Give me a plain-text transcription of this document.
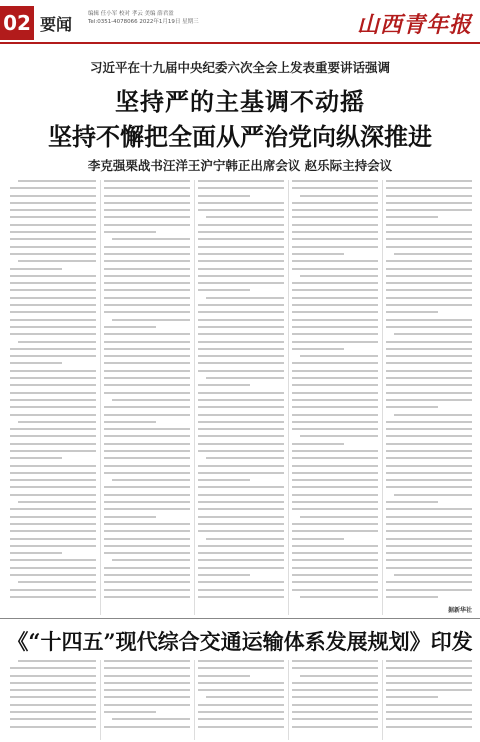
02 要闻
编辑 任小军 校对 孝云 美编 薛君盈
Tel:0351-4078066 2022年1月19日 星期三	山西青年报
习近平在十九届中央纪委六次全会上发表重要讲话强调
坚持严的主基调不动摇
坚持不懈把全面从严治党向纵深推进
李克强栗战书汪洋王沪宁韩正出席会议 赵乐际主持会议
据新华社
《“十四五”现代综合交通运输体系发展规划》印发
